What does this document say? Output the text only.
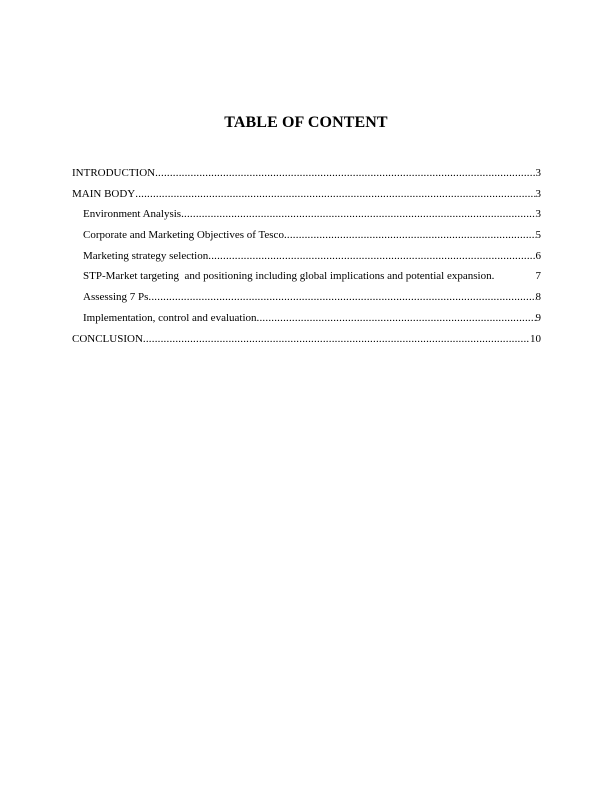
TABLE OF CONTENT
INTRODUCTION .....	3
MAIN BODY .....	3
Environment Analysis .....	3
Corporate and Marketing Objectives of Tesco .....	5
Marketing strategy selection .....	6
STP-Market targeting  and positioning including global implications and potential expansion.	7
Assessing 7 Ps .....	8
Implementation, control and evaluation .....	9
CONCLUSION .....	10
